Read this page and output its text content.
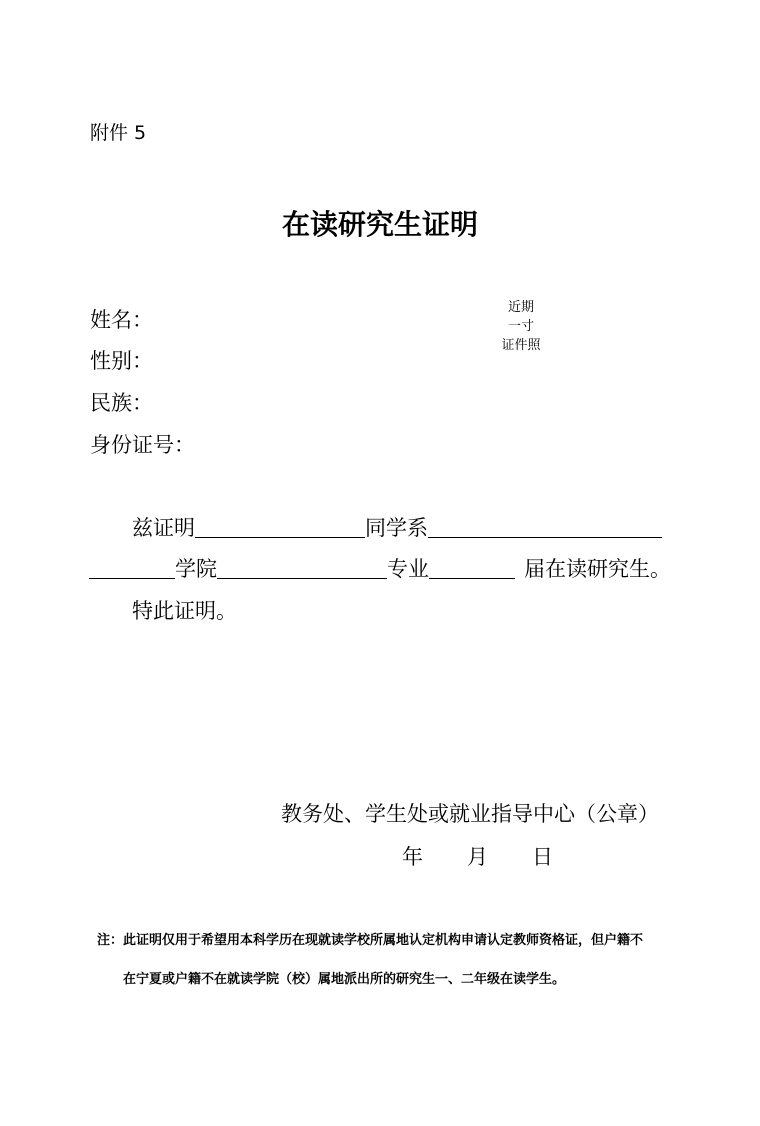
附件 5
在读研究生证明
姓名：
性别：
民族：
身份证号：
近期
一寸
证件照
兹证明	同学系
学院	专业	届在读研究生。
特此证明。
教务处、学生处或就业指导中心（公章）
年 月 日
注：此证明仅用于希望用本科学历在现就读学校所属地认定机构申请认定教师资格证，但户籍不
在宁夏或户籍不在就读学院（校）属地派出所的研究生一、二年级在读学生。
